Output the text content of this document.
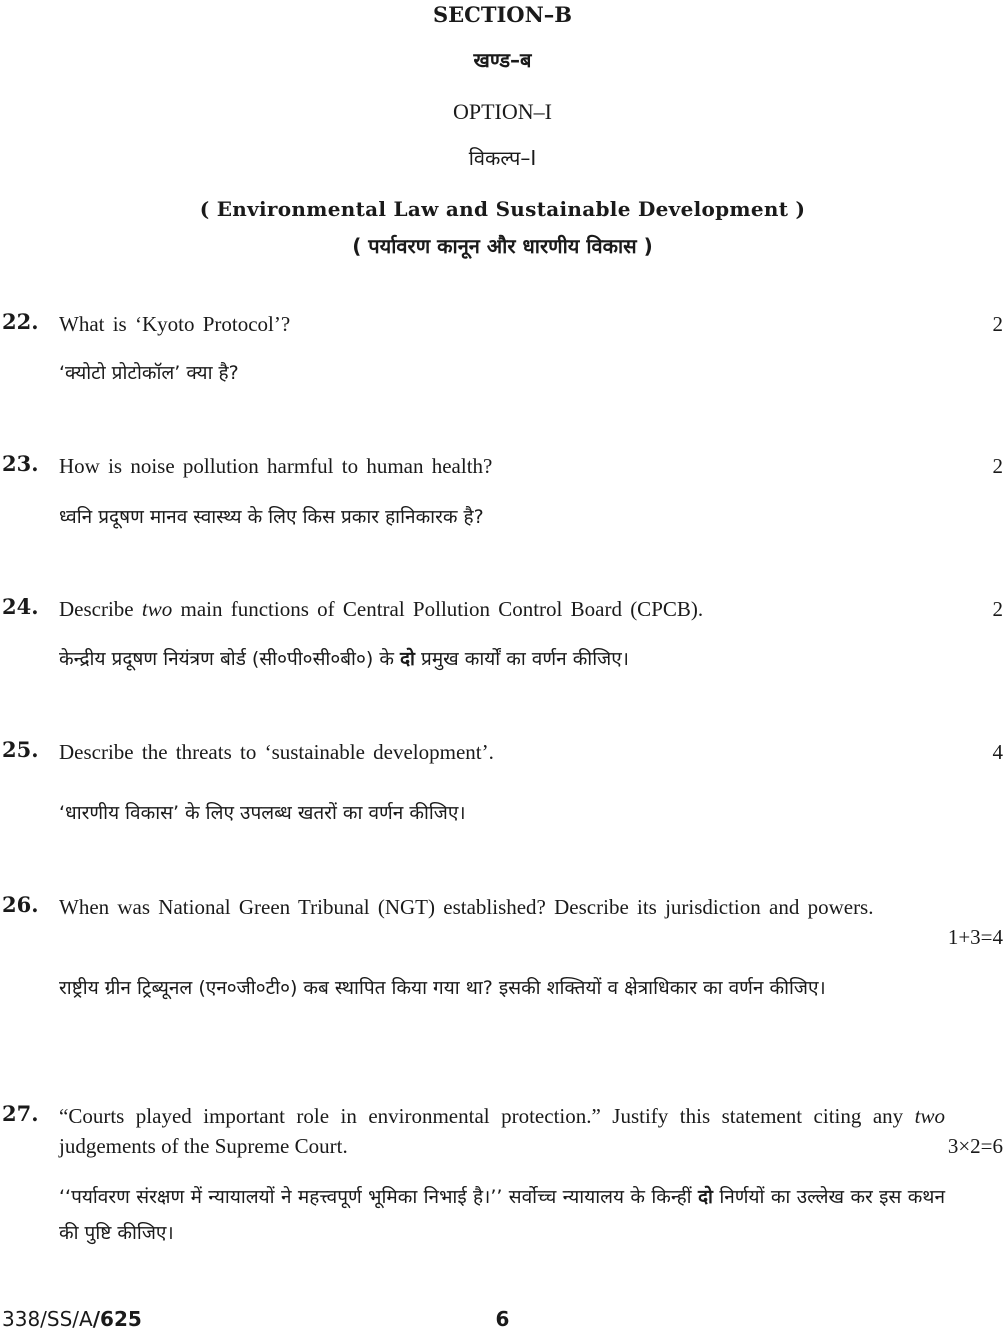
SECTION–B
खण्ड–ब
OPTION–I
विकल्प–I
( Environmental Law and Sustainable Development )
( पर्यावरण कानून और धारणीय विकास )
22. What is ‘Kyoto Protocol’?	2
‘क्योटो प्रोटोकॉल’ क्या है?
23. How is noise pollution harmful to human health?	2
ध्वनि प्रदूषण मानव स्वास्थ्य के लिए किस प्रकार हानिकारक है?
24. Describe two main functions of Central Pollution Control Board (CPCB).	2
केन्द्रीय प्रदूषण नियंत्रण बोर्ड (सी०पी०सी०बी०) के दो प्रमुख कार्यों का वर्णन कीजिए।
25. Describe the threats to ‘sustainable development’.	4
‘धारणीय विकास’ के लिए उपलब्ध खतरों का वर्णन कीजिए।
26. When was National Green Tribunal (NGT) established? Describe its jurisdiction and powers.
1+3=4
राष्ट्रीय ग्रीन ट्रिब्यूनल (एन०जी०टी०) कब स्थापित किया गया था? इसकी शक्तियों व क्षेत्राधिकार का वर्णन कीजिए।
27. “Courts played important role in environmental protection.” Justify this statement citing any two judgements of the Supreme Court.	3×2=6
‘‘पर्यावरण संरक्षण में न्यायालयों ने महत्त्वपूर्ण भूमिका निभाई है।’’ सर्वोच्च न्यायालय के किन्हीं दो निर्णयों का उल्लेख कर इस कथन की पुष्टि कीजिए।
338/SS/A/625	6
